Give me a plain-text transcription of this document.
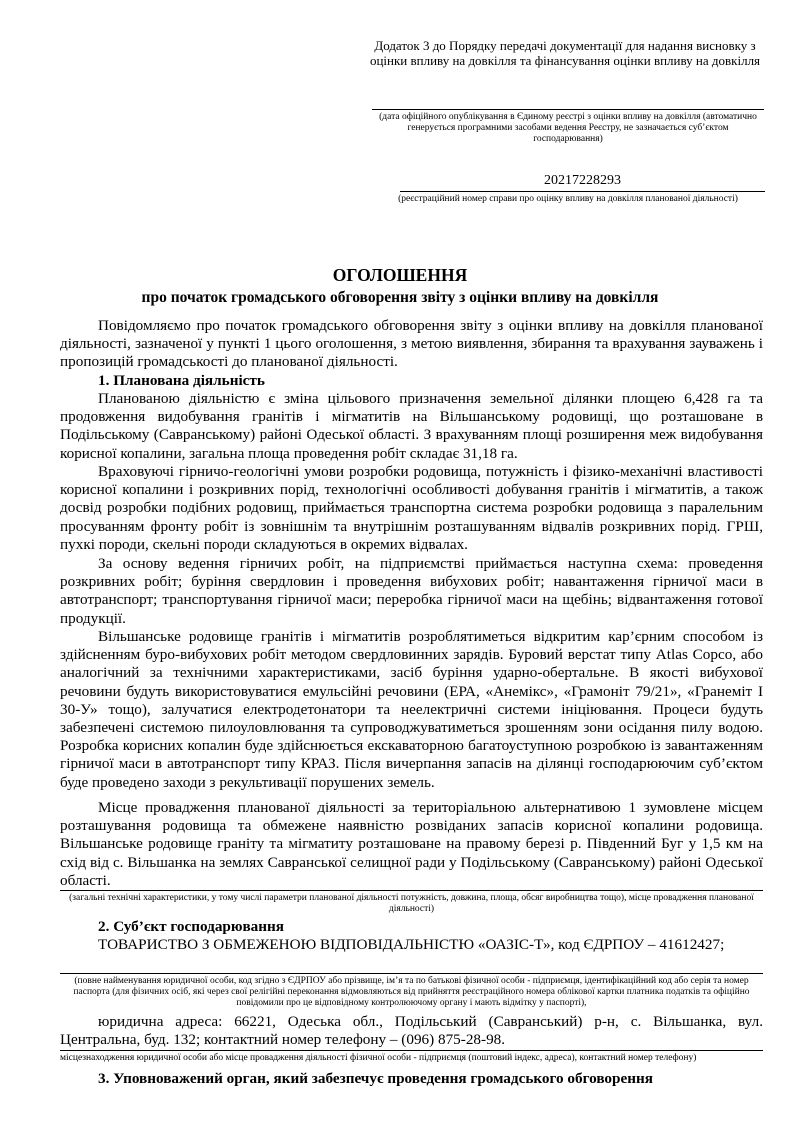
Додаток 3 до Порядку передачі документації для надання висновку з оцінки впливу на довкілля та фінансування оцінки впливу на довкілля
(дата офіційного опублікування в Єдиному реєстрі з оцінки впливу на довкілля (автоматично генерується програмними засобами ведення Реєстру, не зазначається суб’єктом господарювання)
20217228293
(реєстраційний номер справи про оцінку впливу на довкілля планованої діяльності)
ОГОЛОШЕННЯ
про початок громадського обговорення звіту з оцінки впливу на довкілля
Повідомляємо про початок громадського обговорення звіту з оцінки впливу на довкілля планованої діяльності, зазначеної у пункті 1 цього оголошення, з метою виявлення, збирання та врахування зауважень і пропозицій громадськості до планованої діяльності.
1. Планована діяльність
Планованою діяльністю є зміна цільового призначення земельної ділянки площею 6,428 га та продовження видобування гранітів і мігматитів на Вільшанському родовищі, що розташоване в Подільському (Савранському) районі Одеської області. З врахуванням площі розширення меж видобування корисної копалини, загальна площа проведення робіт складає 31,18 га.
Враховуючі гірничо-геологічні умови розробки родовища, потужність і фізико-механічні властивості корисної копалини і розкривних порід, технологічні особливості добування гранітів і мігматитів, а також досвід розробки подібних родовищ, приймається транспортна система розробки родовища з паралельним просуванням фронту робіт із зовнішнім та внутрішнім розташуванням відвалів розкривних порід. ГРШ, пухкі породи, скельні породи складуються в окремих відвалах.
За основу ведення гірничих робіт, на підприємстві приймається наступна схема: проведення розкривних робіт; буріння свердловин і проведення вибухових робіт; навантаження гірничої маси в автотранспорт; транспортування гірничої маси; переробка гірничої маси на щебінь; відвантаження готової продукції.
Вільшанське родовище гранітів і мігматитів розроблятиметься відкритим кар’єрним способом із здійсненням буро-вибухових робіт методом свердловинних зарядів. Буровий верстат типу Atlas Copco, або аналогічний за технічними характеристиками, засіб буріння ударно-обертальне. В якості вибухової речовини будуть використовуватися емульсійні речовини (ЕРА, «Анемікс», «Грамоніт 79/21», «Гранеміт І 30-У» тощо), залучатися електродетонатори та неелектричні системи ініціювання. Процеси будуть забезпечені системою пилоуловлювання та супроводжуватиметься зрошенням зони осідання пилу водою. Розробка корисних копалин буде здійснюється екскаваторною багатоуступною розробкою із завантаженням гірничої маси в автотранспорт типу КРАЗ. Після вичерпання запасів на ділянці господарюючим суб’єктом буде проведено заходи з рекультивації порушених земель.
Місце провадження планованої діяльності за територіальною альтернативою 1 зумовлене місцем розташування родовища та обмежене наявністю розвіданих запасів корисної копалини родовища. Вільшанське родовище граніту та мігматиту розташоване на правому березі р. Південний Буг у 1,5 км на схід від с. Вільшанка на землях Савранської селищної ради у Подільському (Савранському) районі Одеської області.
(загальні технічні характеристики, у тому числі параметри планованої діяльності потужність, довжина, площа, обсяг виробництва тощо), місце провадження планованої діяльності)
2. Суб’єкт господарювання
ТОВАРИСТВО З ОБМЕЖЕНОЮ ВІДПОВІДАЛЬНІСТЮ «ОАЗІС-Т», код ЄДРПОУ – 41612427;
(повне найменування юридичної особи, код згідно з ЄДРПОУ або прізвище, ім’я та по батькові фізичної особи - підприємця, ідентифікаційний код або серія та номер паспорта (для фізичних осіб, які через свої релігійні переконання відмовляються від прийняття реєстраційного номера облікової картки платника податків та офіційно повідомили про це відповідному контролюючому органу і мають відмітку у паспорті),
юридична адреса: 66221, Одеська обл., Подільський (Савранський) р-н, с. Вільшанка, вул. Центральна, буд. 132; контактний номер телефону – (096) 875-28-98.
місцезнаходження юридичної особи або місце провадження діяльності фізичної особи - підприємця (поштовий індекс, адреса), контактний номер телефону)
3. Уповноважений орган, який забезпечує проведення громадського обговорення
